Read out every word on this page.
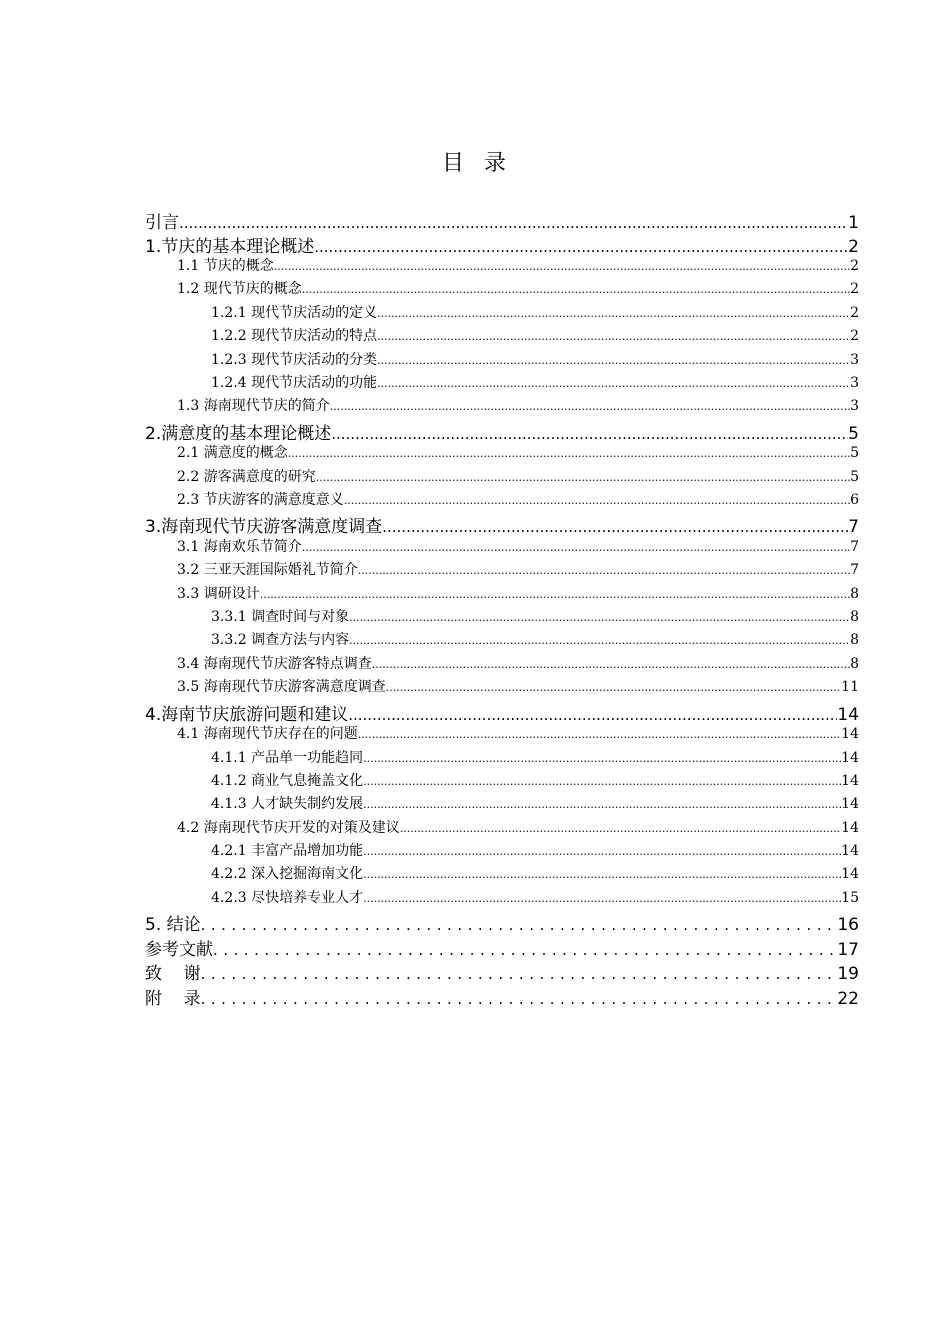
目  录
引言 .....	1
1.节庆的基本理论概述 .....	2
1.1 节庆的概念 .....	2
1.2 现代节庆的概念 .....	2
1.2.1 现代节庆活动的定义 .....	2
1.2.2 现代节庆活动的特点 .....	2
1.2.3 现代节庆活动的分类 .....	3
1.2.4 现代节庆活动的功能 .....	3
1.3 海南现代节庆的简介 .....	3
2.满意度的基本理论概述 .....	5
2.1 满意度的概念 .....	5
2.2 游客满意度的研究 .....	5
2.3 节庆游客的满意度意义 .....	6
3.海南现代节庆游客满意度调查 .....	7
3.1 海南欢乐节简介 .....	7
3.2 三亚天涯国际婚礼节简介 .....	7
3.3 调研设计 .....	8
3.3.1 调查时间与对象 .....	8
3.3.2 调查方法与内容 .....	8
3.4 海南现代节庆游客特点调查 .....	8
3.5 海南现代节庆游客满意度调查 .....	11
4.海南节庆旅游问题和建议 .....	14
4.1 海南现代节庆存在的问题 .....	14
4.1.1 产品单一功能趋同 .....	14
4.1.2 商业气息掩盖文化 .....	14
4.1.3 人才缺失制约发展 .....	14
4.2 海南现代节庆开发的对策及建议 .....	14
4.2.1 丰富产品增加功能 .....	14
4.2.2 深入挖掘海南文化 .....	14
4.2.3 尽快培养专业人才 .....	15
5. 结论 .....	16
参考文献 .....	17
致    谢 .....	19
附    录 .....	22
